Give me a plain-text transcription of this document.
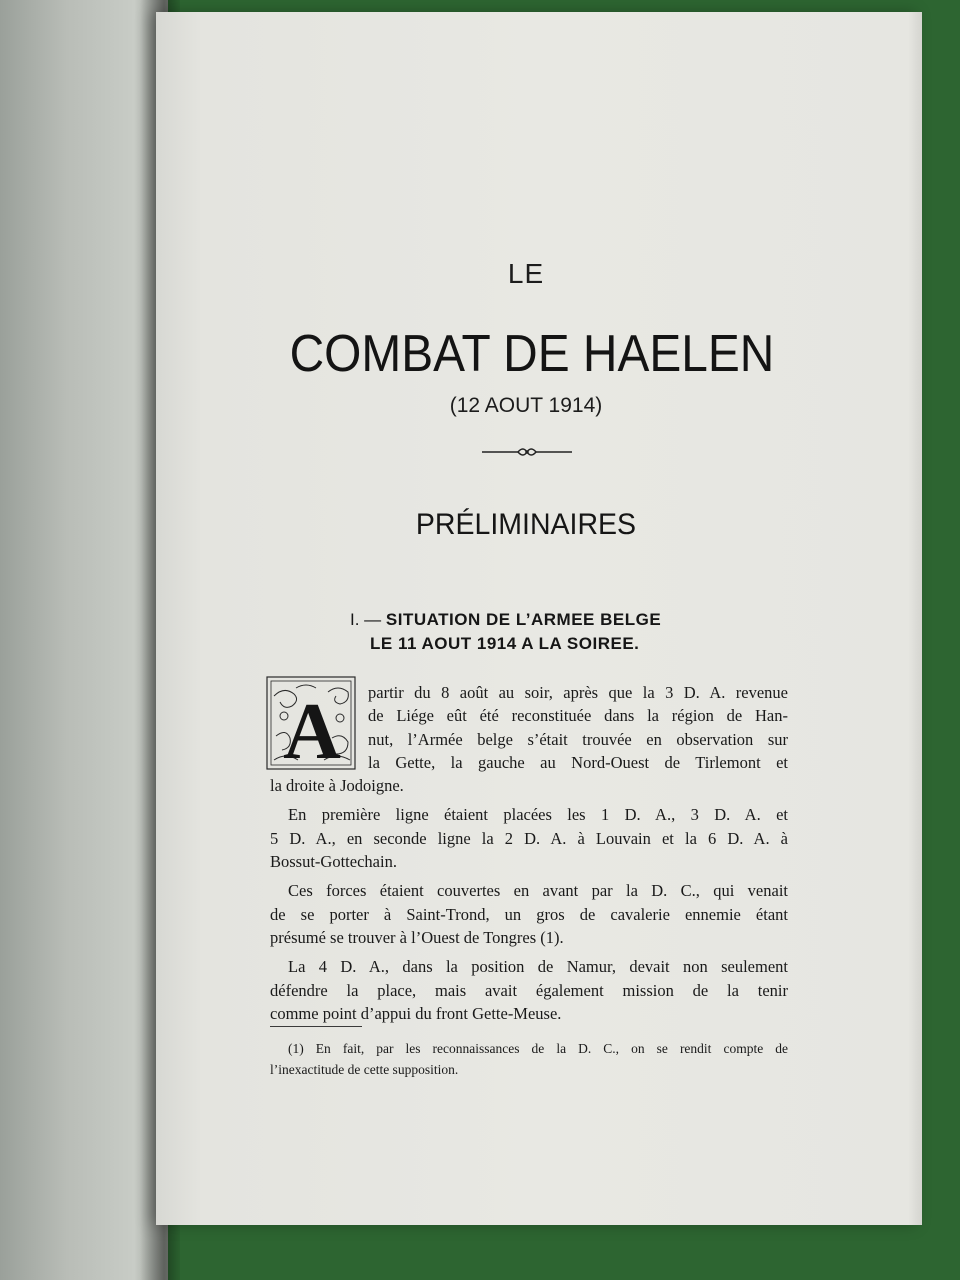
LE
COMBAT DE HAELEN
(12 AOUT 1914)
PRÉLIMINAIRES
I. — SITUATION DE L’ARMEE BELGE
LE 11 AOUT 1914 A LA SOIREE.
A	partir du 8 août au soir, après que la 3 D. A. revenue
de Liége eût été reconstituée dans la région de Han-
nut, l’Armée belge s’était trouvée en observation sur
la Gette, la gauche au Nord-Ouest de Tirlemont et
la droite à Jodoigne.
En première ligne étaient placées les 1 D. A., 3 D. A. et
5 D. A., en seconde ligne la 2 D. A. à Louvain et la 6 D. A. à
Bossut-Gottechain.
Ces forces étaient couvertes en avant par la D. C., qui venait
de se porter à Saint-Trond, un gros de cavalerie ennemie étant
présumé se trouver à l’Ouest de Tongres (1).
La 4 D. A., dans la position de Namur, devait non seulement
défendre la place, mais avait également mission de la tenir
comme point d’appui du front Gette-Meuse.
(1) En fait, par les reconnaissances de la D. C., on se rendit compte de
l’inexactitude de cette supposition.
